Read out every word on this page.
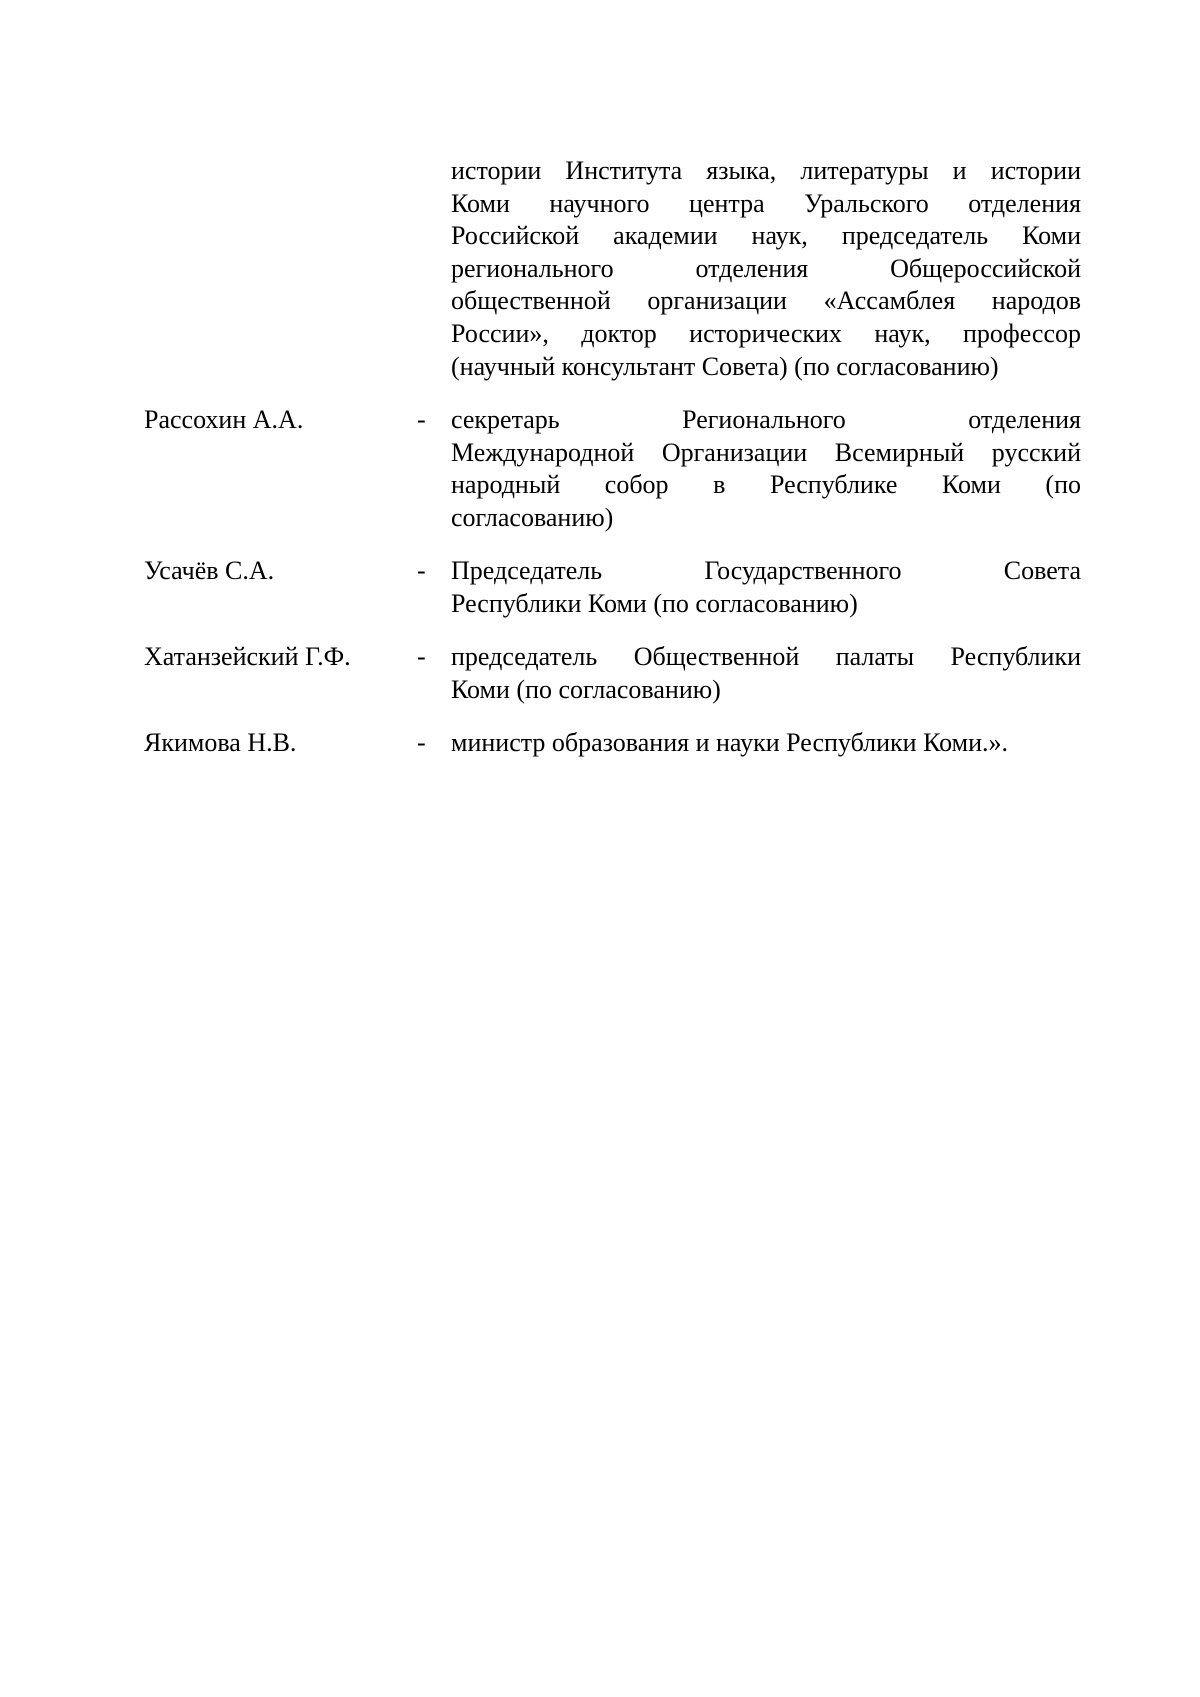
истории Института языка, литературы и истории
Коми научного центра Уральского отделения
Российской академии наук, председатель Коми
регионального отделения Общероссийской
общественной организации «Ассамблея народов
России», доктор исторических наук, профессор
(научный консультант Совета) (по согласованию)
Рассохин А.А.	- секретарь Регионального отделения
Международной Организации Всемирный русский
народный собор в Республике Коми (по
согласованию)
Усачёв С.А.	- Председатель Государственного Совета
Республики Коми (по согласованию)
Хатанзейский Г.Ф.	- председатель Общественной палаты Республики
Коми (по согласованию)
Якимова Н.В.	- министр образования и науки Республики Коми.».
